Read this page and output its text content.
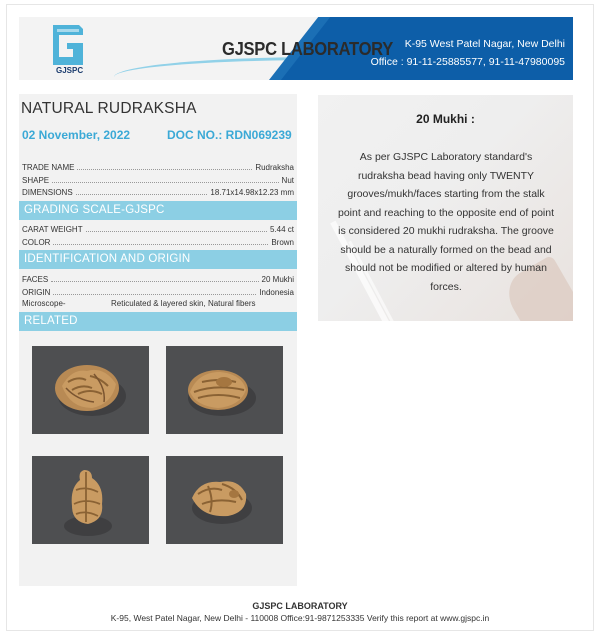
GJSPC
GJSPC LABORATORY K-95 West Patel Nagar, New Delhi
Office : 91-11-25885577, 91-11-47980095
NATURAL RUDRAKSHA
02 November, 2022	DOC NO.: RDN069239
TRADE NAME	Rudraksha
SHAPE	Nut
DIMENSIONS	18.71x14.98x12.23 mm
GRADING SCALE-GJSPC
CARAT WEIGHT	5.44 ct
COLOR	Brown
IDENTIFICATION AND ORIGIN
FACES	20 Mukhi
ORIGIN	Indonesia
Microscope-	Reticulated & layered skin, Natural fibers
RELATED
20 Mukhi :
As per GJSPC Laboratory standard's rudraksha bead having only TWENTY grooves/mukh/faces starting from the stalk point and reaching to the opposite end of point is considered 20 mukhi rudraksha. The groove should be a naturally formed on the bead and should not be modified or altered by human forces.
GJSPC LABORATORY
K-95, West Patel Nagar, New Delhi - 110008 Office:91-9871253335 Verify this report at www.gjspc.in
